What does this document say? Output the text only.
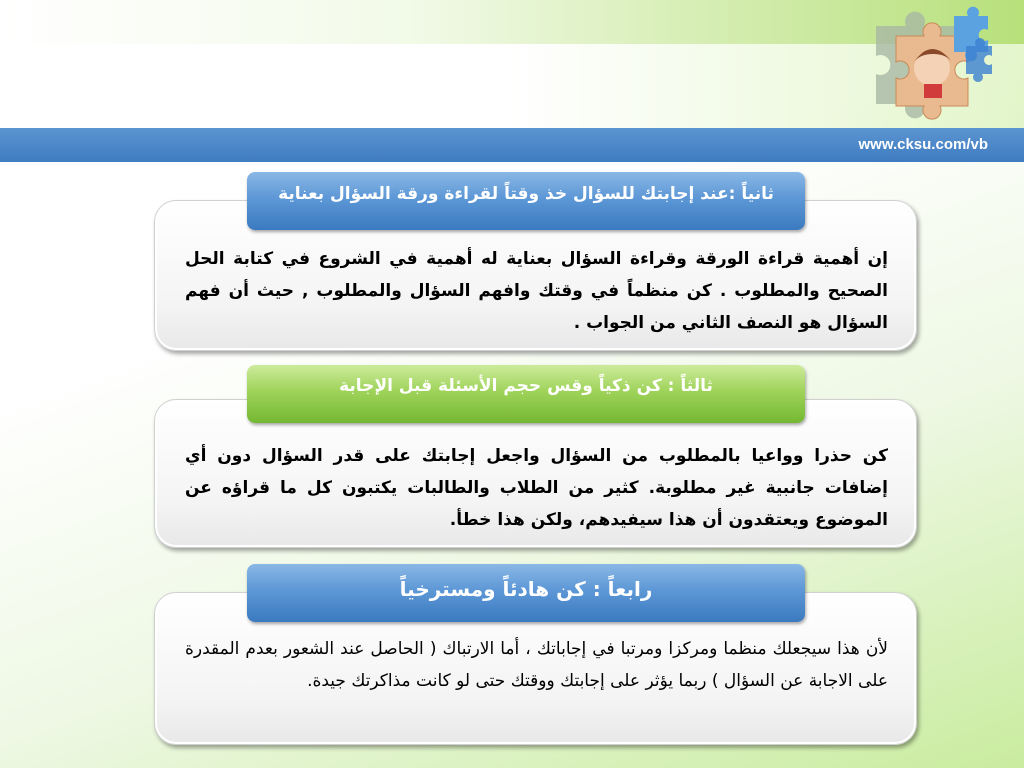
www.cksu.com/vb
إن أهمية قراءة الورقة وقراءة السؤال بعناية له أهمية في الشروع في كتابة الحل الصحيح والمطلوب . كن منظماً في وقتك وافهم السؤال والمطلوب , حيث أن فهم السؤال هو النصف الثاني من الجواب .
ثانياً :عند إجابتك للسؤال خذ وقتاً لقراءة ورقة السؤال بعناية
كن حذرا وواعيا بالمطلوب من السؤال واجعل إجابتك على قدر السؤال دون أي إضافات جانبية غير مطلوبة. كثير من الطلاب والطالبات يكتبون كل ما قراؤه عن الموضوع ويعتقدون أن هذا سيفيدهم، ولكن هذا خطأ.
ثالثاً : كن ذكياً وقس حجم الأسئلة قبل الإجابة
لأن هذا سيجعلك منظما ومركزا ومرتبا في إجاباتك ، أما الارتباك ( الحاصل عند الشعور بعدم المقدرة على الاجابة عن السؤال ) ربما يؤثر على إجابتك ووقتك حتى لو كانت مذاكرتك جيدة.
رابعاً : كن هادئاً ومسترخياً
